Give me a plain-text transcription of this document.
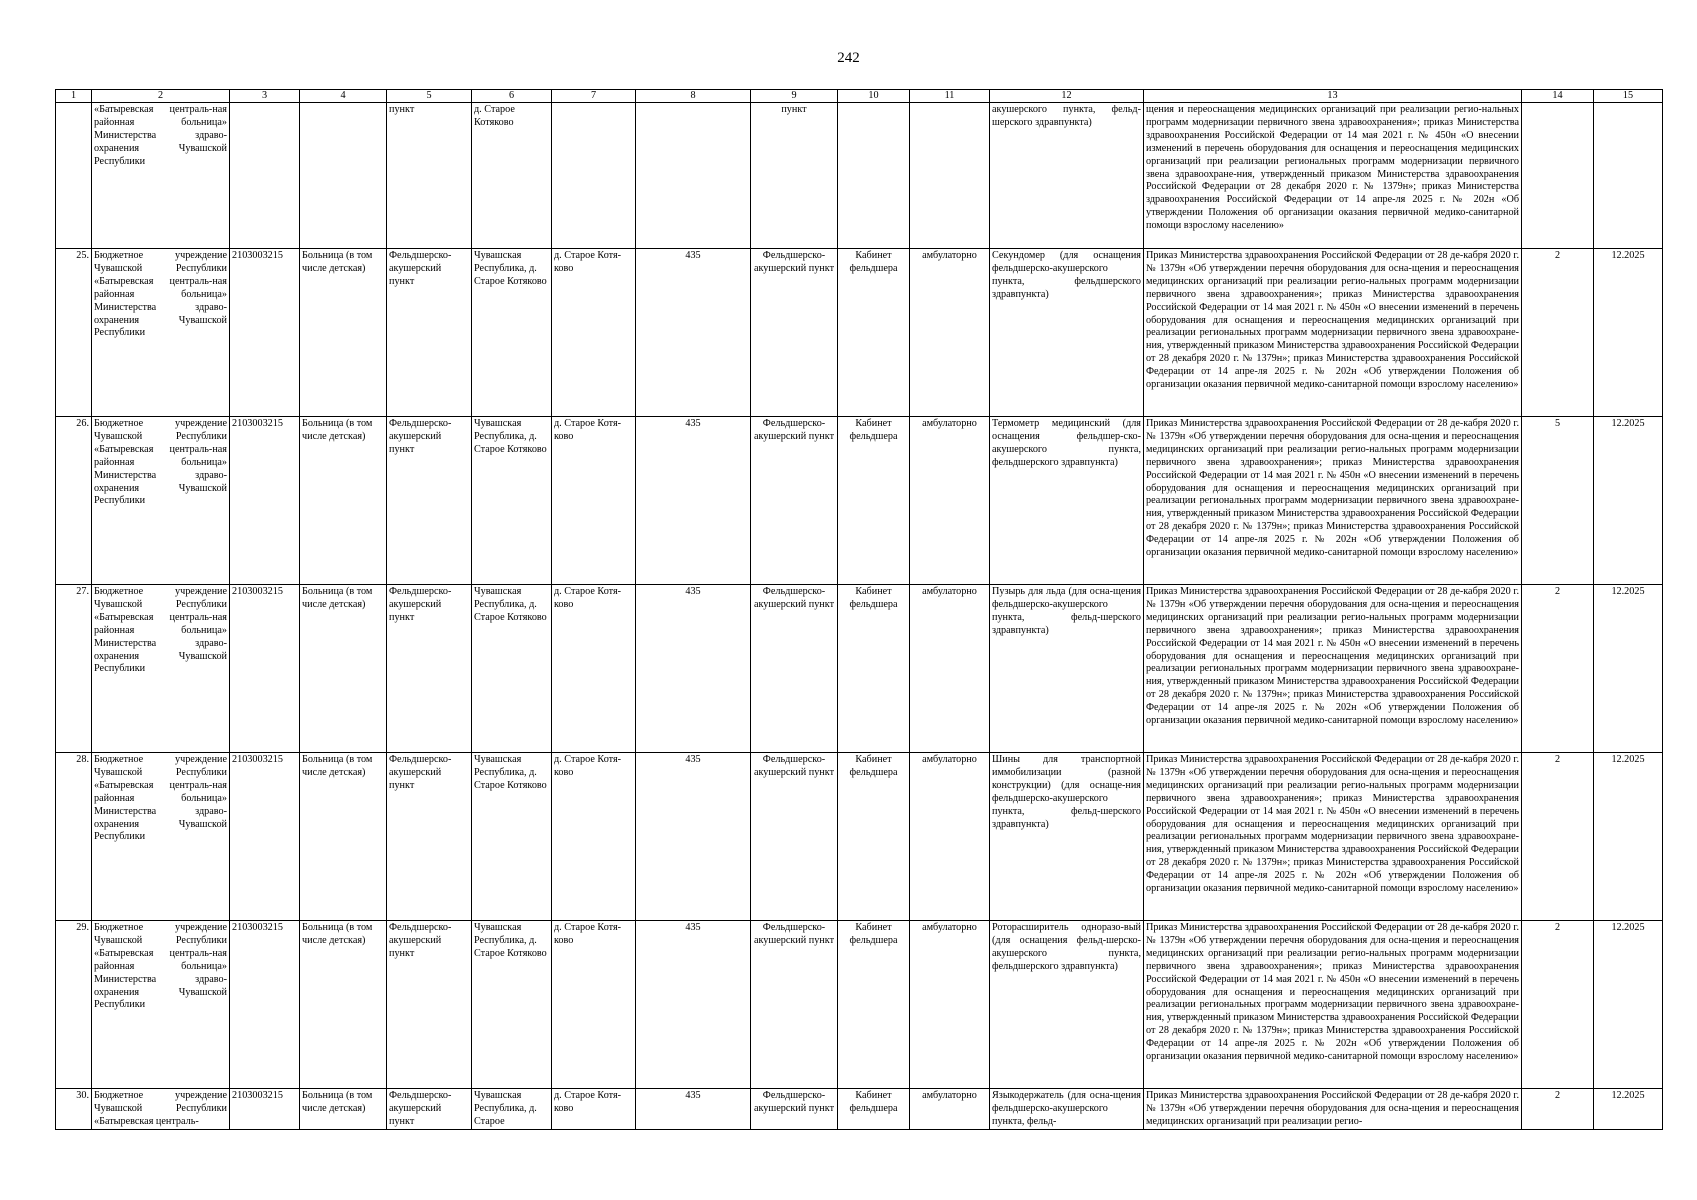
242
1	2	3	4	5	6	7	8	9	10	11	12	13	14	15
	«Батыревская централь-ная районная больница» Министерства здраво-охранения Чувашской Республики			пункт	д. Старое Котяково			пункт			акушерского пункта, фельд-шерского здравпункта)	щения и переоснащения медицинских организаций при реализации регио-нальных программ модернизации первичного звена здравоохранения»; приказ Министерства здравоохранения Российской Федерации от 14 мая 2021 г. № 450н «О внесении изменений в перечень оборудования для оснащения и переоснащения медицинских организаций при реализации региональных программ модернизации первичного звена здравоохране-ния, утвержденный приказом Министерства здравоохранения Российской Федерации от 28 декабря 2020 г. № 1379н»; приказ Министерства здравоохранения Российской Федерации от 14 апре-ля 2025 г. № 202н «Об утверждении Положения об организации оказания первичной медико-санитарной помощи взрослому населению»		
25.	Бюджетное учреждение Чувашской Республики «Батыревская централь-ная районная больница» Министерства здраво-охранения Чувашской Республики	2103003215	Больница (в том числе детская)	Фельдшерско-акушерский пункт	Чувашская Республика, д. Старое Котяково	д. Старое Котя-ково	435	Фельдшерско-акушерский пункт	Кабинет фельдшера	амбулаторно	Секундомер (для оснащения фельдшерско-акушерского пункта, фельдшерского здравпункта)	Приказ Министерства здравоохранения Российской Федерации от 28 де-кабря 2020 г. № 1379н «Об утверждении перечня оборудования для осна-щения и переоснащения медицинских организаций при реализации регио-нальных программ модернизации первичного звена здравоохранения»; приказ Министерства здравоохранения Российской Федерации от 14 мая 2021 г. № 450н «О внесении изменений в перечень оборудования для оснащения и переоснащения медицинских организаций при реализации региональных программ модернизации первичного звена здравоохране-ния, утвержденный приказом Министерства здравоохранения Российской Федерации от 28 декабря 2020 г. № 1379н»; приказ Министерства здравоохранения Российской Федерации от 14 апре-ля 2025 г. № 202н «Об утверждении Положения об организации оказания первичной медико-санитарной помощи взрослому населению»	2	12.2025
26.	Бюджетное учреждение Чувашской Республики «Батыревская централь-ная районная больница» Министерства здраво-охранения Чувашской Республики	2103003215	Больница (в том числе детская)	Фельдшерско-акушерский пункт	Чувашская Республика, д. Старое Котяково	д. Старое Котя-ково	435	Фельдшерско-акушерский пункт	Кабинет фельдшера	амбулаторно	Термометр медицинский (для оснащения фельдшер-ско-акушерского пункта, фельдшерского здравпункта)	Приказ Министерства здравоохранения Российской Федерации от 28 де-кабря 2020 г. № 1379н «Об утверждении перечня оборудования для осна-щения и переоснащения медицинских организаций при реализации регио-нальных программ модернизации первичного звена здравоохранения»; приказ Министерства здравоохранения Российской Федерации от 14 мая 2021 г. № 450н «О внесении изменений в перечень оборудования для оснащения и переоснащения медицинских организаций при реализации региональных программ модернизации первичного звена здравоохране-ния, утвержденный приказом Министерства здравоохранения Российской Федерации от 28 декабря 2020 г. № 1379н»; приказ Министерства здравоохранения Российской Федерации от 14 апре-ля 2025 г. № 202н «Об утверждении Положения об организации оказания первичной медико-санитарной помощи взрослому населению»	5	12.2025
27.	Бюджетное учреждение Чувашской Республики «Батыревская централь-ная районная больница» Министерства здраво-охранения Чувашской Республики	2103003215	Больница (в том числе детская)	Фельдшерско-акушерский пункт	Чувашская Республика, д. Старое Котяково	д. Старое Котя-ково	435	Фельдшерско-акушерский пункт	Кабинет фельдшера	амбулаторно	Пузырь для льда (для осна-щения фельдшерско-акушерского пункта, фельд-шерского здравпункта)	Приказ Министерства здравоохранения Российской Федерации от 28 де-кабря 2020 г. № 1379н «Об утверждении перечня оборудования для осна-щения и переоснащения медицинских организаций при реализации регио-нальных программ модернизации первичного звена здравоохранения»; приказ Министерства здравоохранения Российской Федерации от 14 мая 2021 г. № 450н «О внесении изменений в перечень оборудования для оснащения и переоснащения медицинских организаций при реализации региональных программ модернизации первичного звена здравоохране-ния, утвержденный приказом Министерства здравоохранения Российской Федерации от 28 декабря 2020 г. № 1379н»; приказ Министерства здравоохранения Российской Федерации от 14 апре-ля 2025 г. № 202н «Об утверждении Положения об организации оказания первичной медико-санитарной помощи взрослому населению»	2	12.2025
28.	Бюджетное учреждение Чувашской Республики «Батыревская централь-ная районная больница» Министерства здраво-охранения Чувашской Республики	2103003215	Больница (в том числе детская)	Фельдшерско-акушерский пункт	Чувашская Республика, д. Старое Котяково	д. Старое Котя-ково	435	Фельдшерско-акушерский пункт	Кабинет фельдшера	амбулаторно	Шины для транспортной иммобилизации (разной конструкции) (для оснаще-ния фельдшерско-акушерского пункта, фельд-шерского здравпункта)	Приказ Министерства здравоохранения Российской Федерации от 28 де-кабря 2020 г. № 1379н «Об утверждении перечня оборудования для осна-щения и переоснащения медицинских организаций при реализации регио-нальных программ модернизации первичного звена здравоохранения»; приказ Министерства здравоохранения Российской Федерации от 14 мая 2021 г. № 450н «О внесении изменений в перечень оборудования для оснащения и переоснащения медицинских организаций при реализации региональных программ модернизации первичного звена здравоохране-ния, утвержденный приказом Министерства здравоохранения Российской Федерации от 28 декабря 2020 г. № 1379н»; приказ Министерства здравоохранения Российской Федерации от 14 апре-ля 2025 г. № 202н «Об утверждении Положения об организации оказания первичной медико-санитарной помощи взрослому населению»	2	12.2025
29.	Бюджетное учреждение Чувашской Республики «Батыревская централь-ная районная больница» Министерства здраво-охранения Чувашской Республики	2103003215	Больница (в том числе детская)	Фельдшерско-акушерский пункт	Чувашская Республика, д. Старое Котяково	д. Старое Котя-ково	435	Фельдшерско-акушерский пункт	Кабинет фельдшера	амбулаторно	Роторасширитель одноразо-вый (для оснащения фельд-шерско-акушерского пункта, фельдшерского здравпункта)	Приказ Министерства здравоохранения Российской Федерации от 28 де-кабря 2020 г. № 1379н «Об утверждении перечня оборудования для осна-щения и переоснащения медицинских организаций при реализации регио-нальных программ модернизации первичного звена здравоохранения»; приказ Министерства здравоохранения Российской Федерации от 14 мая 2021 г. № 450н «О внесении изменений в перечень оборудования для оснащения и переоснащения медицинских организаций при реализации региональных программ модернизации первичного звена здравоохране-ния, утвержденный приказом Министерства здравоохранения Российской Федерации от 28 декабря 2020 г. № 1379н»; приказ Министерства здравоохранения Российской Федерации от 14 апре-ля 2025 г. № 202н «Об утверждении Положения об организации оказания первичной медико-санитарной помощи взрослому населению»	2	12.2025
30.	Бюджетное учреждение Чувашской Республики «Батыревская централь-	2103003215	Больница (в том числе детская)	Фельдшерско-акушерский пункт	Чувашская Республика, д. Старое	д. Старое Котя-ково	435	Фельдшерско-акушерский пункт	Кабинет фельдшера	амбулаторно	Языкодержатель (для осна-щения фельдшерско-акушерского пункта, фельд-	Приказ Министерства здравоохранения Российской Федерации от 28 де-кабря 2020 г. № 1379н «Об утверждении перечня оборудования для осна-щения и переоснащения медицинских организаций при реализации регио-	2	12.2025
